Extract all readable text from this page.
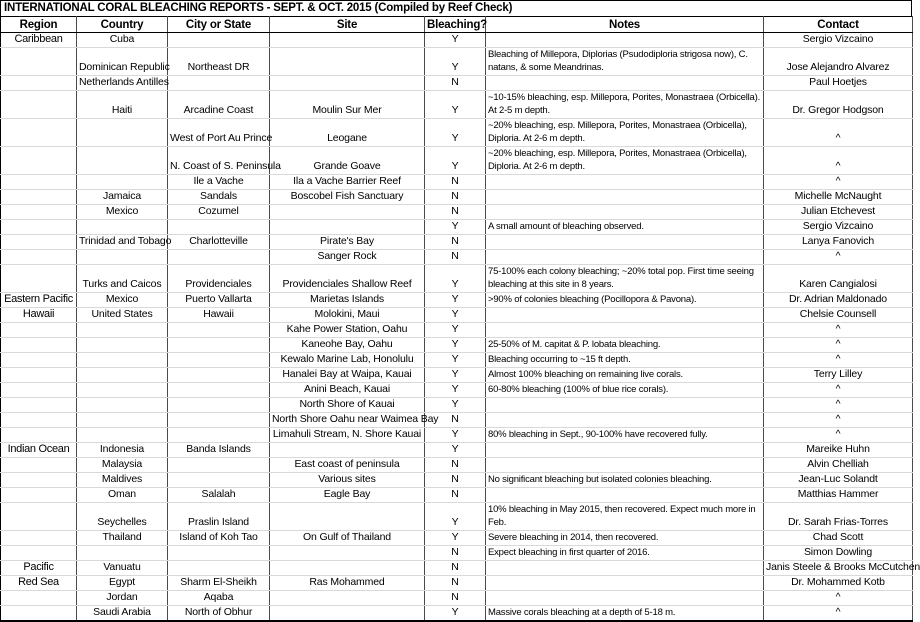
INTERNATIONAL CORAL BLEACHING REPORTS - SEPT. & OCT. 2015 (Compiled by Reef Check)
Region	Country	City or State	Site	Bleaching?	Notes	Contact
Caribbean	Cuba			Y		Sergio Vizcaino
	Dominican Republic	Northeast DR		Y	Bleaching of Millepora, Diplorias (Psudodiploria strigosa now), C. natans, & some Meandrinas.	Jose Alejandro Alvarez
	Netherlands Antilles			N		Paul Hoetjes
	Haiti	Arcadine Coast	Moulin Sur Mer	Y	~10-15% bleaching, esp. Millepora, Porites, Monastraea (Orbicella). At 2-5 m depth.	Dr. Gregor Hodgson
		West of Port Au Prince	Leogane	Y	~20% bleaching, esp. Millepora, Porites, Monastraea (Orbicella), Diploria. At 2-6 m depth.	^
		N. Coast of S. Peninsula	Grande Goave	Y	~20% bleaching, esp. Millepora, Porites, Monastraea (Orbicella), Diploria. At 2-6 m depth.	^
		Ile a Vache	Ila a Vache Barrier Reef	N		^
	Jamaica	Sandals	Boscobel Fish Sanctuary	N		Michelle McNaught
	Mexico	Cozumel		N		Julian Etchevest
				Y	A small amount of bleaching observed.	Sergio Vizcaino
	Trinidad and Tobago	Charlotteville	Pirate's Bay	N		Lanya Fanovich
			Sanger Rock	N		^
	Turks and Caicos	Providenciales	Providenciales Shallow Reef	Y	75-100% each colony bleaching; ~20% total pop. First time seeing bleaching at this site in 8 years.	Karen Cangialosi
Eastern Pacific	Mexico	Puerto Vallarta	Marietas Islands	Y	>90% of colonies bleaching (Pocillopora & Pavona).	Dr. Adrian Maldonado
Hawaii	United States	Hawaii	Molokini, Maui	Y		Chelsie Counsell
			Kahe Power Station, Oahu	Y		^
			Kaneohe Bay, Oahu	Y	25-50% of M. capitat & P. lobata bleaching.	^
			Kewalo Marine Lab, Honolulu	Y	Bleaching occurring to ~15 ft depth.	^
			Hanalei Bay at Waipa, Kauai	Y	Almost 100% bleaching on remaining live corals.	Terry Lilley
			Anini Beach, Kauai	Y	60-80% bleaching (100% of blue rice corals).	^
			North Shore of Kauai	Y		^
			North Shore Oahu near Waimea Bay	N		^
			Limahuli Stream, N. Shore Kauai	Y	80% bleaching in Sept., 90-100% have recovered fully.	^
Indian Ocean	Indonesia	Banda Islands		Y		Mareike Huhn
	Malaysia		East coast of peninsula	N		Alvin Chelliah
	Maldives		Various sites	N	No significant bleaching but isolated colonies bleaching.	Jean-Luc Solandt
	Oman	Salalah	Eagle Bay	N		Matthias Hammer
	Seychelles	Praslin Island		Y	10% bleaching in May 2015, then recovered. Expect much more in Feb.	Dr. Sarah Frias-Torres
	Thailand	Island of Koh Tao	On Gulf of Thailand	Y	Severe bleaching in 2014, then recovered.	Chad Scott
				N	Expect bleaching in first quarter of 2016.	Simon Dowling
Pacific	Vanuatu			N		Janis Steele & Brooks McCutchen
Red Sea	Egypt	Sharm El-Sheikh	Ras Mohammed	N		Dr. Mohammed Kotb
	Jordan	Aqaba		N		^
	Saudi Arabia	North of Obhur		Y	Massive corals bleaching at a depth of 5-18 m.	^
